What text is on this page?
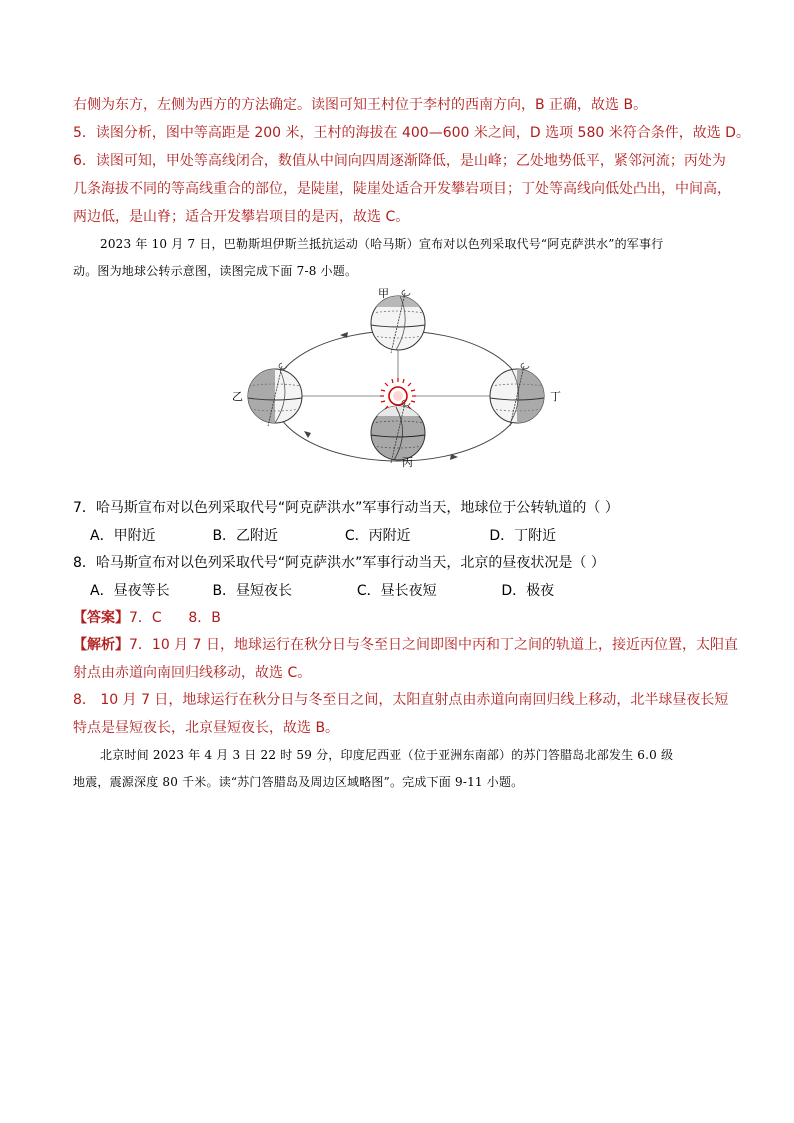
右侧为东方，左侧为西方的方法确定。读图可知王村位于李村的西南方向，B 正确，故选 B。
5．读图分析，图中等高距是 200 米，王村的海拔在 400—600 米之间，D 选项 580 米符合条件，故选 D。
6．读图可知，甲处等高线闭合，数值从中间向四周逐渐降低，是山峰；乙处地势低平，紧邻河流；丙处为
几条海拔不同的等高线重合的部位，是陡崖，陡崖处适合开发攀岩项目；丁处等高线向低处凸出，中间高，
两边低，是山脊；适合开发攀岩项目的是丙，故选 C。
2023 年 10 月 7 日，巴勒斯坦伊斯兰抵抗运动（哈马斯）宣布对以色列采取代号“阿克萨洪水”的军事行
动。图为地球公转示意图，读图完成下面 7-8 小题。
甲
乙
丙
丁
7．哈马斯宣布对以色列采取代号“阿克萨洪水”军事行动当天，地球位于公转轨道的（ ）
A．甲附近	B．乙附近	C．丙附近	D．丁附近
8．哈马斯宣布对以色列采取代号“阿克萨洪水”军事行动当天，北京的昼夜状况是（ ）
A．昼夜等长	B．昼短夜长	C．昼长夜短	D．极夜
【答案】7．C      8．B
【解析】7．10 月 7 日，地球运行在秋分日与冬至日之间即图中丙和丁之间的轨道上，接近丙位置，太阳直
射点由赤道向南回归线移动，故选 C。
8． 10 月 7 日，地球运行在秋分日与冬至日之间，太阳直射点由赤道向南回归线上移动，北半球昼夜长短
特点是昼短夜长，北京昼短夜长，故选 B。
北京时间 2023 年 4 月 3 日 22 时 59 分，印度尼西亚（位于亚洲东南部）的苏门答腊岛北部发生 6.0 级
地震，震源深度 80 千米。读“苏门答腊岛及周边区域略图”。完成下面 9-11 小题。
